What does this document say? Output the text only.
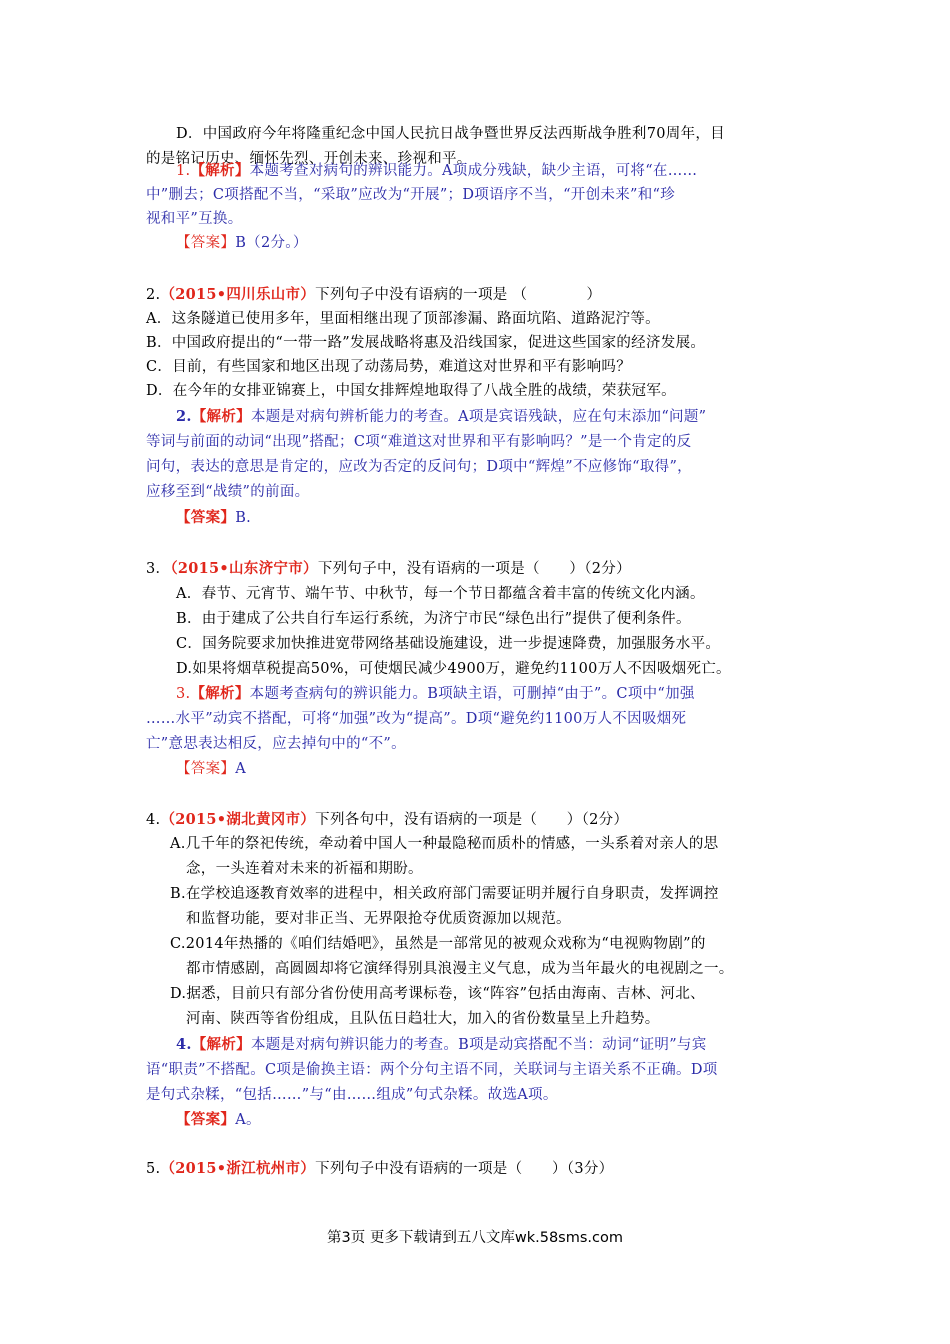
D．中国政府今年将隆重纪念中国人民抗日战争暨世界反法西斯战争胜利70周年，目
的是铭记历史、缅怀先烈、开创未来、珍视和平。
1.【解析】本题考查对病句的辨识能力。A项成分残缺，缺少主语，可将“在……
中”删去；C项搭配不当，“采取”应改为“开展”；D项语序不当，“开创未来”和“珍
视和平”互换。
【答案】B（2分。）
2.（2015•四川乐山市）下列句子中没有语病的一项是 （　　　　）
A．这条隧道已使用多年，里面相继出现了顶部渗漏、路面坑陷、道路泥泞等。
B．中国政府提出的“一带一路”发展战略将惠及沿线国家，促进这些国家的经济发展。
C．目前，有些国家和地区出现了动荡局势，难道这对世界和平有影响吗？
D．在今年的女排亚锦赛上，中国女排辉煌地取得了八战全胜的战绩，荣获冠军。
2.【解析】本题是对病句辨析能力的考查。A项是宾语残缺，应在句末添加“问题”
等词与前面的动词“出现”搭配；C项“难道这对世界和平有影响吗？”是一个肯定的反
问句，表达的意思是肯定的，应改为否定的反问句；D项中“辉煌”不应修饰“取得”，
应移至到“战绩”的前面。
【答案】B.
3．（2015•山东济宁市）下列句子中，没有语病的一项是（　　）（2分）
A．春节、元宵节、端午节、中秋节，每一个节日都蕴含着丰富的传统文化内涵。
B．由于建成了公共自行车运行系统，为济宁市民“绿色出行”提供了便利条件。
C．国务院要求加快推进宽带网络基础设施建设，进一步提速降费，加强服务水平。
D.如果将烟草税提高50%，可使烟民减少4900万，避免约1100万人不因吸烟死亡。
3.【解析】本题考查病句的辨识能力。B项缺主语，可删掉“由于”。C项中“加强
……水平”动宾不搭配，可将“加强”改为“提高”。D项“避免约1100万人不因吸烟死
亡”意思表达相反，应去掉句中的“不”。
【答案】A
4.（2015•湖北黄冈市）下列各句中，没有语病的一项是（　　）（2分）
A.几千年的祭祀传统，牵动着中国人一种最隐秘而质朴的情感，一头系着对亲人的思
念，一头连着对未来的祈福和期盼。
B.在学校追逐教育效率的进程中，相关政府部门需要证明并履行自身职责，发挥调控
和监督功能，要对非正当、无界限抢夺优质资源加以规范。
C.2014年热播的《咱们结婚吧》，虽然是一部常见的被观众戏称为“电视购物剧”的
都市情感剧，高圆圆却将它演绎得别具浪漫主义气息，成为当年最火的电视剧之一。
D.据悉，目前只有部分省份使用高考课标卷，该“阵容”包括由海南、吉林、河北、
河南、陕西等省份组成，且队伍日趋壮大，加入的省份数量呈上升趋势。
4.【解析】本题是对病句辨识能力的考查。B项是动宾搭配不当：动词“证明”与宾
语“职责”不搭配。C项是偷换主语：两个分句主语不同，关联词与主语关系不正确。D项
是句式杂糅，“包括……”与“由……组成”句式杂糅。故选A项。
【答案】A。
5.（2015•浙江杭州市）下列句子中没有语病的一项是（　　）（3分）
第3页 更多下载请到五八文库wk.58sms.com
